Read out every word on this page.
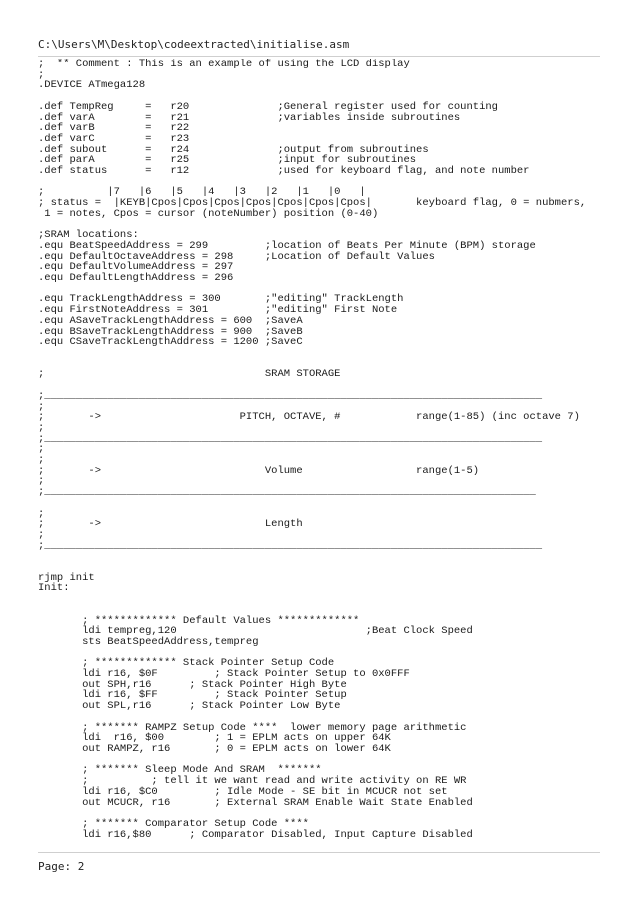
C:\Users\M\Desktop\codeextracted\initialise.asm
;  ** Comment : This is an example of using the LCD display
;
.DEVICE ATmega128

.def TempReg     =   r20              ;General register used for counting
.def varA        =   r21              ;variables inside subroutines
.def varB        =   r22
.def varC        =   r23
.def subout      =   r24              ;output from subroutines
.def parA        =   r25              ;input for subroutines
.def status      =   r12              ;used for keyboard flag, and note number

;          |7   |6   |5   |4   |3   |2   |1   |0   |
; status =  |KEYB|Cpos|Cpos|Cpos|Cpos|Cpos|Cpos|Cpos|       keyboard flag, 0 = nubmers,
1 = notes, Cpos = cursor (noteNumber) position (0-40)

;SRAM locations:
.equ BeatSpeedAddress = 299         ;location of Beats Per Minute (BPM) storage
.equ DefaultOctaveAddress = 298     ;Location of Default Values
.equ DefaultVolumeAddress = 297
.equ DefaultLengthAddress = 296

.equ TrackLengthAddress = 300       ;"editing" TrackLength
.equ FirstNoteAddress = 301         ;"editing" First Note
.equ ASaveTrackLengthAddress = 600  ;SaveA
.equ BSaveTrackLengthAddress = 900  ;SaveB
.equ CSaveTrackLengthAddress = 1200 ;SaveC

;                                   SRAM STORAGE

;_______________________________________________________________________________
;
;       ->                      PITCH, OCTAVE, #            range(1-85) (inc octave 7)
;
;_______________________________________________________________________________
;
;
;       ->                          Volume                  range(1-5)
;
;______________________________________________________________________________

;
;       ->                          Length
;
;_______________________________________________________________________________

rjmp init
Init:

; ************* Default Values *************
ldi tempreg,120                              ;Beat Clock Speed
sts BeatSpeedAddress,tempreg

; ************* Stack Pointer Setup Code
ldi r16, $0F         ; Stack Pointer Setup to 0x0FFF
out SPH,r16      ; Stack Pointer High Byte
ldi r16, $FF         ; Stack Pointer Setup
out SPL,r16      ; Stack Pointer Low Byte

; ******* RAMPZ Setup Code ****  lower memory page arithmetic
ldi  r16, $00        ; 1 = EPLM acts on upper 64K
out RAMPZ, r16       ; 0 = EPLM acts on lower 64K

; ******* Sleep Mode And SRAM  *******
;          ; tell it we want read and write activity on RE WR
ldi r16, $C0         ; Idle Mode - SE bit in MCUCR not set
out MCUCR, r16       ; External SRAM Enable Wait State Enabled

; ******* Comparator Setup Code ****
ldi r16,$80      ; Comparator Disabled, Input Capture Disabled
Page: 2
